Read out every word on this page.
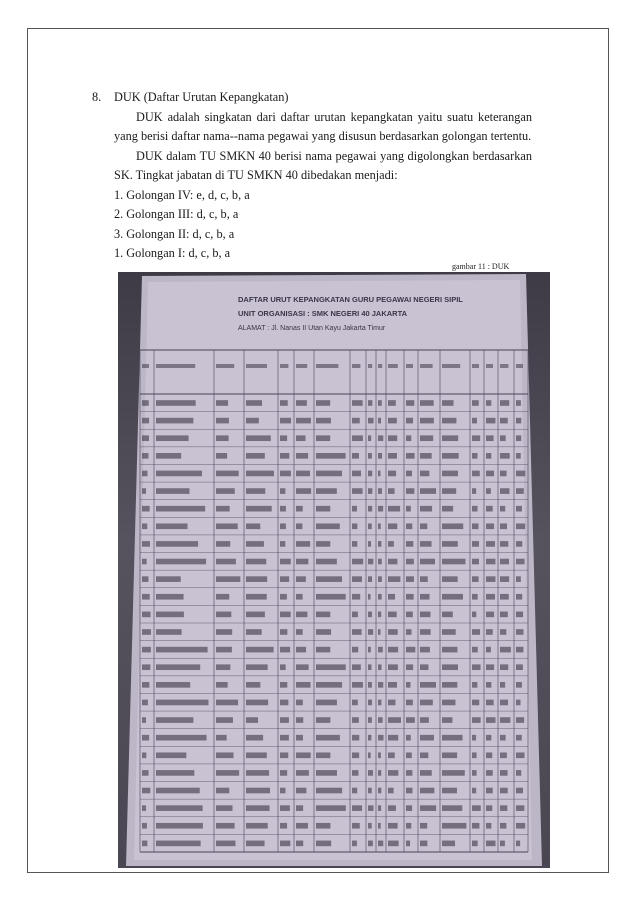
8.	DUK (Daftar Urutan Kepangkatan)
DUK adalah singkatan dari daftar urutan kepangkatan yaitu suatu keterangan yang berisi daftar nama--nama pegawai yang disusun berdasarkan golongan tertentu.
DUK dalam TU SMKN 40 berisi nama pegawai yang digolongkan berdasarkan SK. Tingkat jabatan di TU SMKN 40 dibedakan menjadi:
1. Golongan IV: e, d, c, b, a
2. Golongan III: d, c, b, a
3. Golongan II: d, c, b, a
1. Golongan I: d, c, b, a
gambar 11 : DUK
DAFTAR URUT KEPANGKATAN GURU PEGAWAI NEGERI SIPIL
UNIT ORGANISASI : SMK NEGERI 40 JAKARTA
ALAMAT : Jl. Nanas II Utan Kayu Jakarta Timur
